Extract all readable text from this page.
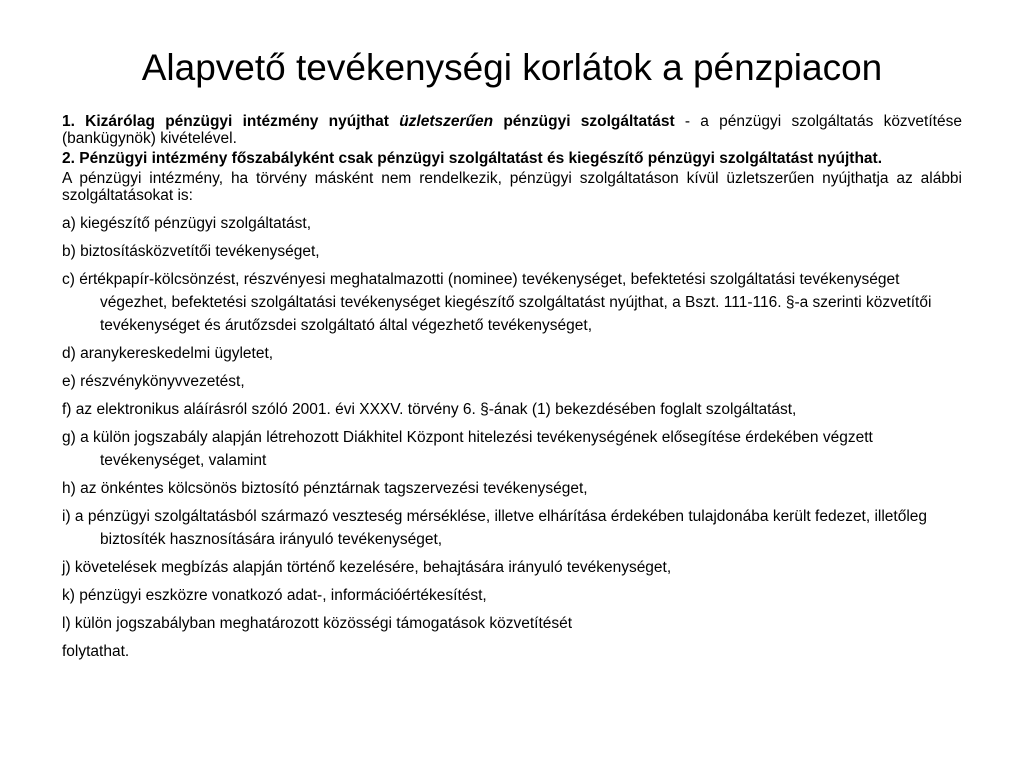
Alapvető tevékenységi korlátok a pénzpiacon

1. Kizárólag pénzügyi intézmény nyújthat üzletszerűen pénzügyi szolgáltatást - a pénzügyi szolgáltatás közvetítése (bankügynök) kivételével.

2. Pénzügyi intézmény főszabályként csak pénzügyi szolgáltatást és kiegészítő pénzügyi szolgáltatást nyújthat.

A pénzügyi intézmény, ha törvény másként nem rendelkezik, pénzügyi szolgáltatáson kívül üzletszerűen nyújthatja az alábbi szolgáltatásokat is:

a) kiegészítő pénzügyi szolgáltatást,
b) biztosításközvetítői tevékenységet,
c) értékpapír-kölcsönzést, részvényesi meghatalmazotti (nominee) tevékenységet, befektetési szolgáltatási tevékenységet végezhet, befektetési szolgáltatási tevékenységet kiegészítő szolgáltatást nyújthat, a Bszt. 111-116. §-a szerinti közvetítői tevékenységet és árutőzsdei szolgáltató által végezhető tevékenységet,
d) aranykereskedelmi ügyletet,
e) részvénykönyvvezetést,
f) az elektronikus aláírásról szóló 2001. évi XXXV. törvény 6. §-ának (1) bekezdésében foglalt szolgáltatást,
g) a külön jogszabály alapján létrehozott Diákhitel Központ hitelezési tevékenységének elősegítése érdekében végzett tevékenységet, valamint
h) az önkéntes kölcsönös biztosító pénztárnak tagszervezési tevékenységet,
i) a pénzügyi szolgáltatásból származó veszteség mérséklése, illetve elhárítása érdekében tulajdonába került fedezet, illetőleg biztosíték hasznosítására irányuló tevékenységet,
j) követelések megbízás alapján történő kezelésére, behajtására irányuló tevékenységet,
k) pénzügyi eszközre vonatkozó adat-, információértékesítést,
l) külön jogszabályban meghatározott közösségi támogatások közvetítését
folytathat.
